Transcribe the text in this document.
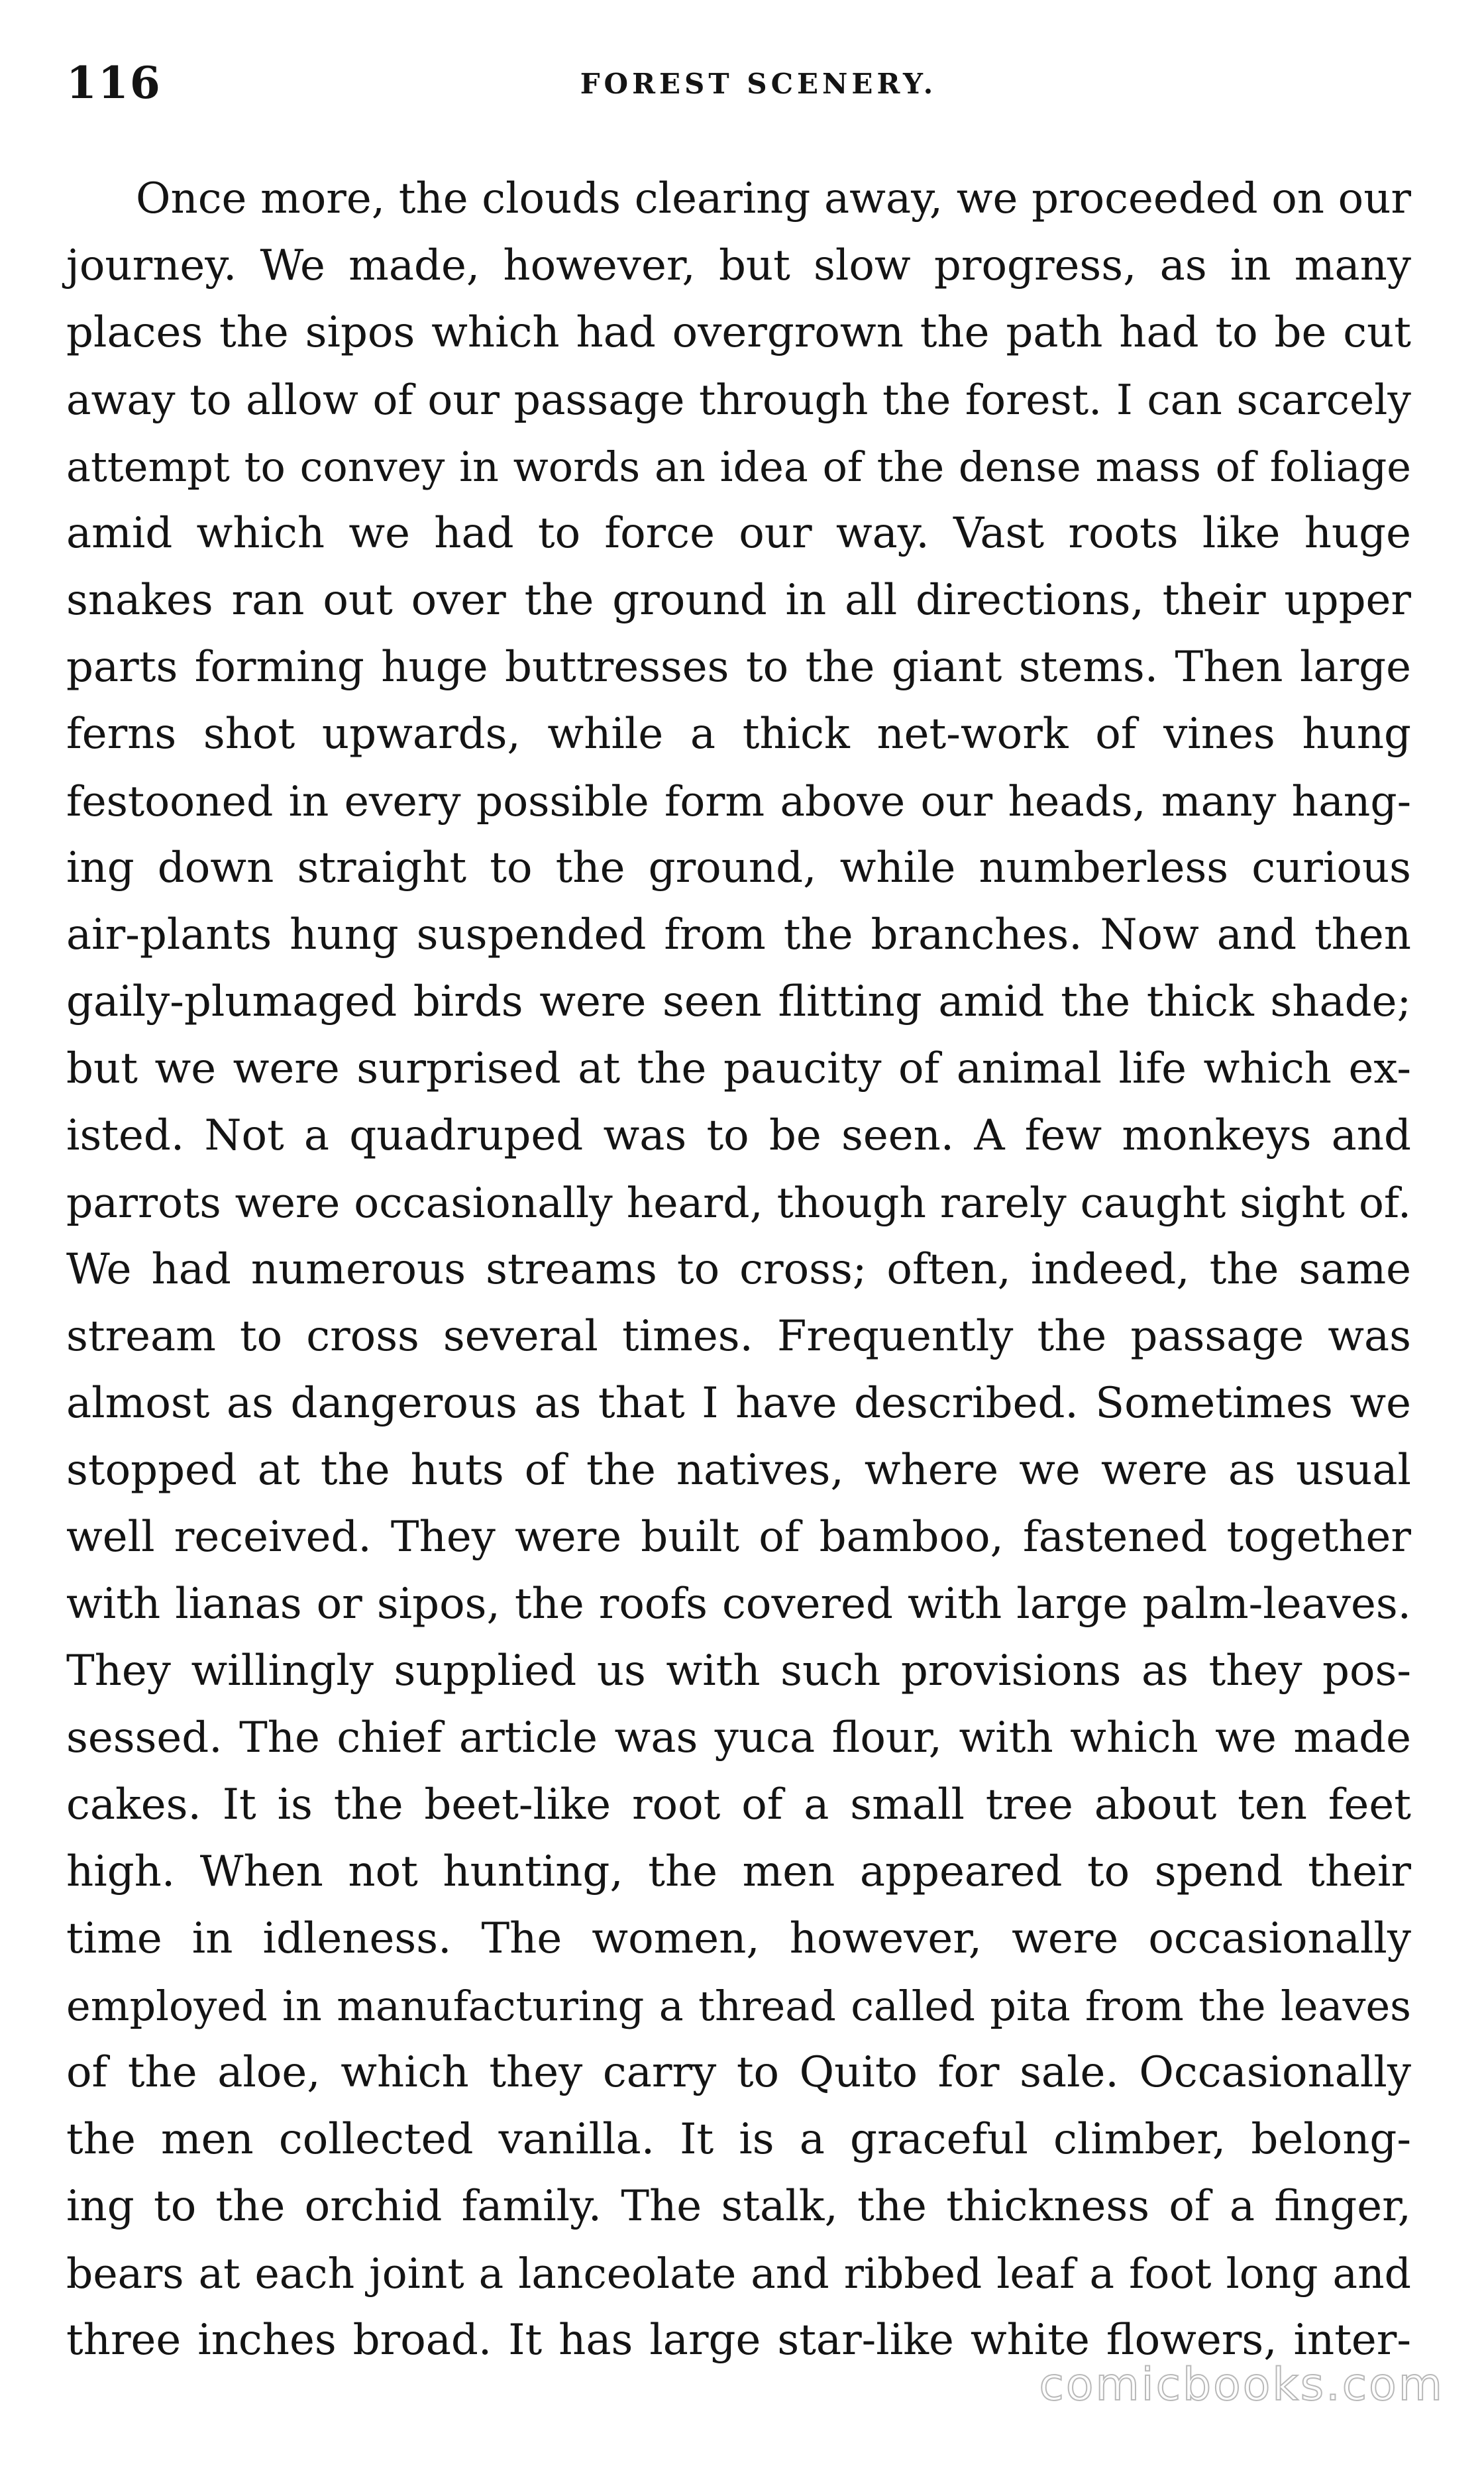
116	FOREST SCENERY.
Once more, the clouds clearing away, we proceeded on our
journey. We made, however, but slow progress, as in many
places the sipos which had overgrown the path had to be cut
away to allow of our passage through the forest. I can scarcely
attempt to convey in words an idea of the dense mass of foliage
amid which we had to force our way. Vast roots like huge
snakes ran out over the ground in all directions, their upper
parts forming huge buttresses to the giant stems. Then large
ferns shot upwards, while a thick net-work of vines hung
festooned in every possible form above our heads, many hang-
ing down straight to the ground, while numberless curious
air-plants hung suspended from the branches. Now and then
gaily-plumaged birds were seen flitting amid the thick shade;
but we were surprised at the paucity of animal life which ex-
isted. Not a quadruped was to be seen. A few monkeys and
parrots were occasionally heard, though rarely caught sight of.
We had numerous streams to cross; often, indeed, the same
stream to cross several times. Frequently the passage was
almost as dangerous as that I have described. Sometimes we
stopped at the huts of the natives, where we were as usual
well received. They were built of bamboo, fastened together
with lianas or sipos, the roofs covered with large palm-leaves.
They willingly supplied us with such provisions as they pos-
sessed. The chief article was yuca flour, with which we made
cakes. It is the beet-like root of a small tree about ten feet
high. When not hunting, the men appeared to spend their
time in idleness. The women, however, were occasionally
employed in manufacturing a thread called pita from the leaves
of the aloe, which they carry to Quito for sale. Occasionally
the men collected vanilla. It is a graceful climber, belong-
ing to the orchid family. The stalk, the thickness of a finger,
bears at each joint a lanceolate and ribbed leaf a foot long and
three inches broad. It has large star-like white flowers, inter-
comicbooks.com
